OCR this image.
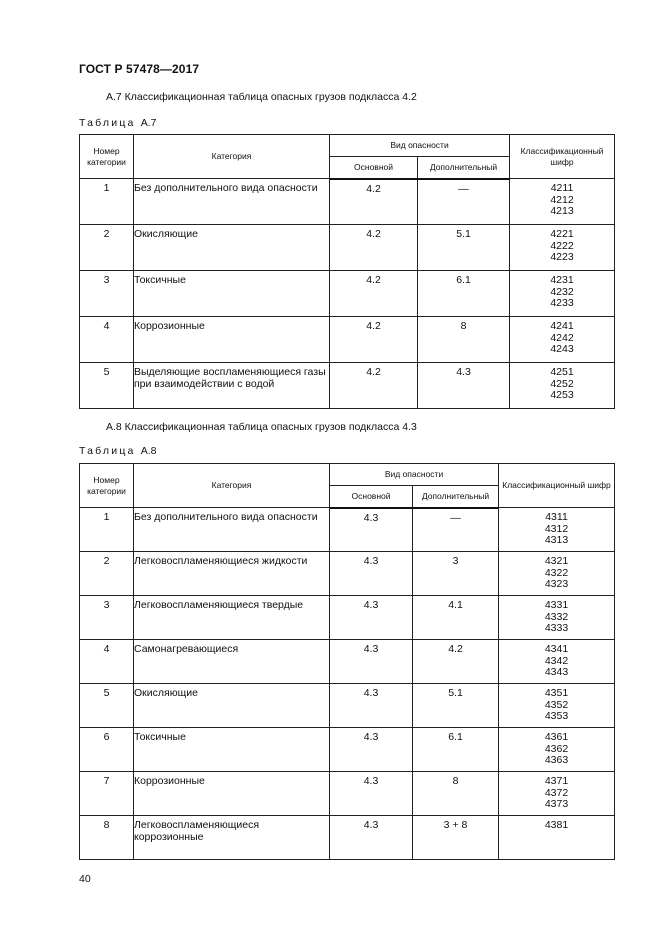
ГОСТ Р 57478—2017
А.7 Классификационная таблица опасных грузов подкласса 4.2
Таблица А.7
Номер категории	Категория	Вид опасности		Классификационный шифр
		Основной	Дополнительный	
1	Без дополнительного вида опасности	4.2	—	4211
4212
4213

2	Окисляющие	4.2	5.1	4221
4222
4223

3	Токсичные	4.2	6.1	4231
4232
4233

4	Коррозионные	4.2	8	4241
4242
4243

5	Выделяющие воспламеняющиеся газы при взаимодействии с водой	4.2	4.3	4251
4252
4253
А.8 Классификационная таблица опасных грузов подкласса 4.3
Таблица А.8
Номер категории	Категория	Вид опасности		Классификационный шифр
		Основной	Дополнительный	
1	Без дополнительного вида опасности	4.3	—	4311
4312
4313

2	Легковоспламеняющиеся жидкости	4.3	3	4321
4322
4323

3	Легковоспламеняющиеся твердые	4.3	4.1	4331
4332
4333

4	Самонагревающиеся	4.3	4.2	4341
4342
4343

5	Окисляющие	4.3	5.1	4351
4352
4353

6	Токсичные	4.3	6.1	4361
4362
4363

7	Коррозионные	4.3	8	4371
4372
4373

8	Легковоспламеняющиеся коррозионные	4.3	3 + 8	4381
40
